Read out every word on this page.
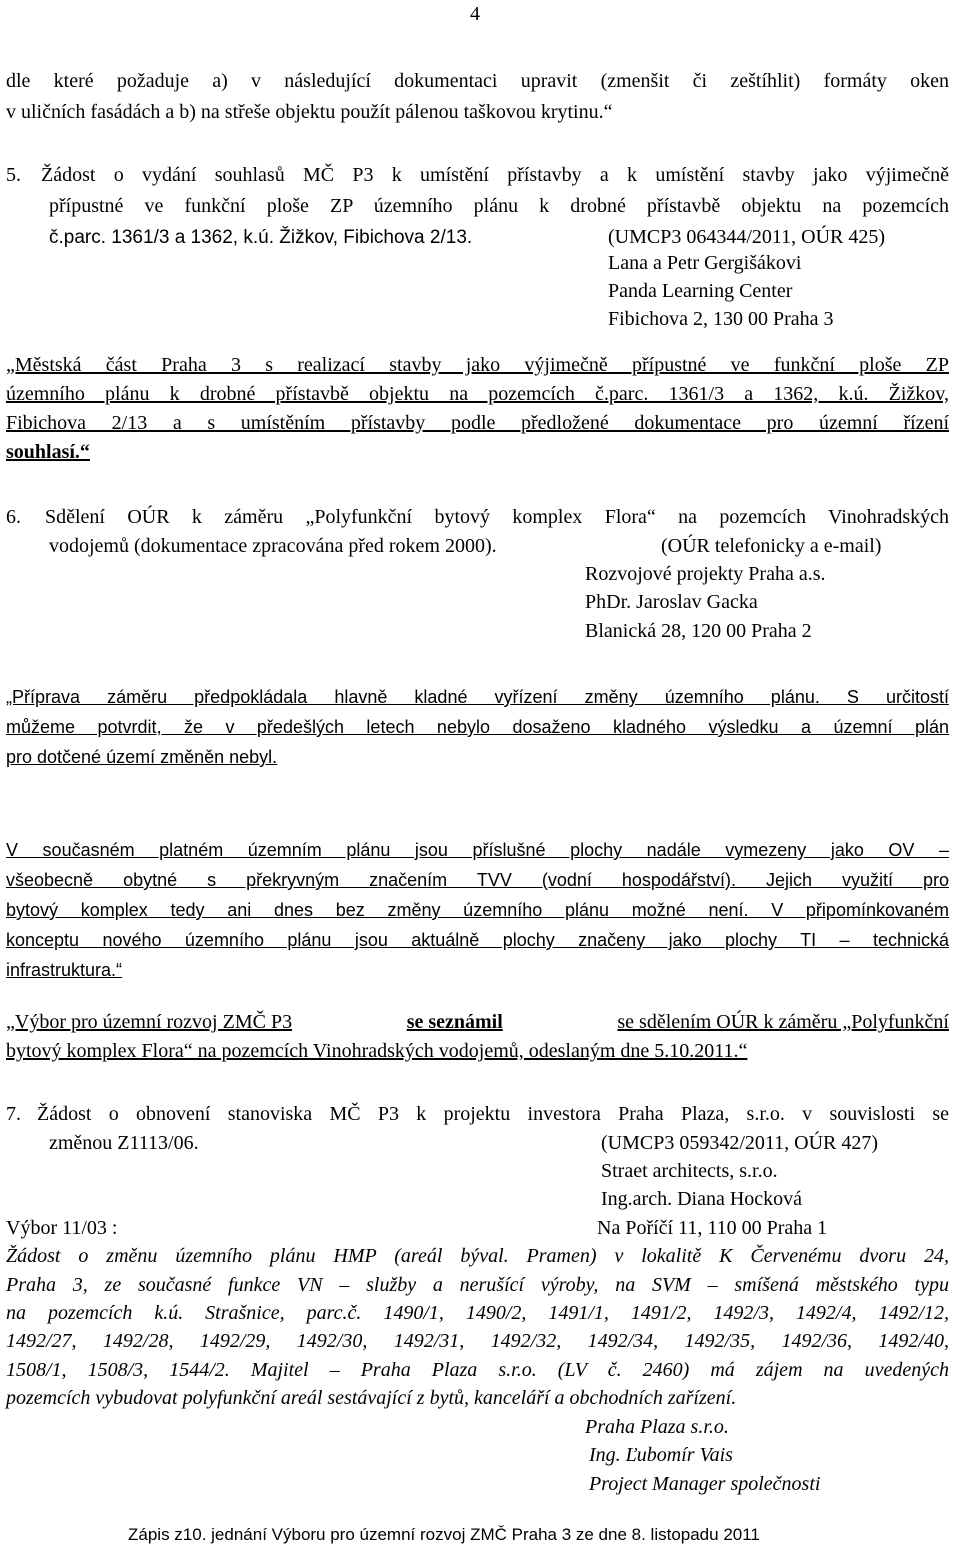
4
dle které požaduje a) v následující dokumentaci upravit (zmenšit či zeštíhlit) formáty oken
v uličních fasádách a b) na střeše objektu použít pálenou taškovou krytinu.“
5. Žádost o vydání souhlasů MČ P3 k umístění přístavby a k umístění stavby jako výjimečně
přípustné ve funkční ploše ZP územního plánu k drobné přístavbě objektu na pozemcích
č.parc. 1361/3 a 1362, k.ú. Žižkov, Fibichova 2/13.	(UMCP3 064344/2011, OÚR 425)
Lana a Petr Gergišákovi
Panda Learning Center
Fibichova 2, 130 00 Praha 3
„Městská část Praha 3 s realizací stavby jako výjimečně přípustné ve funkční ploše ZP
územního plánu k drobné přístavbě objektu na pozemcích č.parc. 1361/3 a 1362, k.ú. Žižkov,
Fibichova 2/13 a s umístěním přístavby podle předložené dokumentace pro územní řízení
souhlasí.“
6. Sdělení OÚR k záměru „Polyfunkční bytový komplex Flora“ na pozemcích Vinohradských
vodojemů (dokumentace zpracována před rokem 2000).	(OÚR telefonicky a e-mail)
Rozvojové projekty Praha a.s.
PhDr. Jaroslav Gacka
Blanická 28, 120 00 Praha 2
„Příprava záměru předpokládala hlavně kladné vyřízení změny územního plánu. S určitostí
můžeme potvrdit, že v předešlých letech nebylo dosaženo kladného výsledku a územní plán
pro dotčené území změněn nebyl.
V současném platném územním plánu jsou příslušné plochy nadále vymezeny jako OV –
všeobecně obytné s překryvným značením TVV (vodní hospodářství). Jejich využití pro
bytový komplex tedy ani dnes bez změny územního plánu možné není. V připomínkovaném
konceptu nového územního plánu jsou aktuálně plochy značeny jako plochy TI – technická
infrastruktura.“
„Výbor pro územní rozvoj ZMČ P3	se seznámil	se sdělením OÚR k záměru „Polyfunkční
bytový komplex Flora“ na pozemcích Vinohradských vodojemů, odeslaným dne 5.10.2011.“
7. Žádost o obnovení stanoviska MČ P3 k projektu investora Praha Plaza, s.r.o. v souvislosti se
změnou Z1113/06.	(UMCP3 059342/2011, OÚR 427)
Straet architects, s.r.o.
Ing.arch. Diana Hocková
Výbor 11/03 :	Na Poříčí 11, 110 00 Praha 1
Žádost o změnu územního plánu HMP (areál býval. Pramen) v lokalitě K Červenému dvoru 24,
Praha 3, ze současné funkce VN – služby a nerušící výroby, na SVM – smíšená městského typu
na pozemcích k.ú. Strašnice, parc.č. 1490/1, 1490/2, 1491/1, 1491/2, 1492/3, 1492/4, 1492/12,
1492/27, 1492/28, 1492/29, 1492/30, 1492/31, 1492/32, 1492/34, 1492/35, 1492/36, 1492/40,
1508/1, 1508/3, 1544/2. Majitel – Praha Plaza s.r.o. (LV č. 2460) má zájem na uvedených
pozemcích vybudovat polyfunkční areál sestávající z bytů, kanceláří a obchodních zařízení.
Praha Plaza s.r.o.
Ing. Ľubomír Vais
Project Manager společnosti
Zápis z10. jednání Výboru pro územní rozvoj ZMČ Praha 3 ze dne 8. listopadu 2011
